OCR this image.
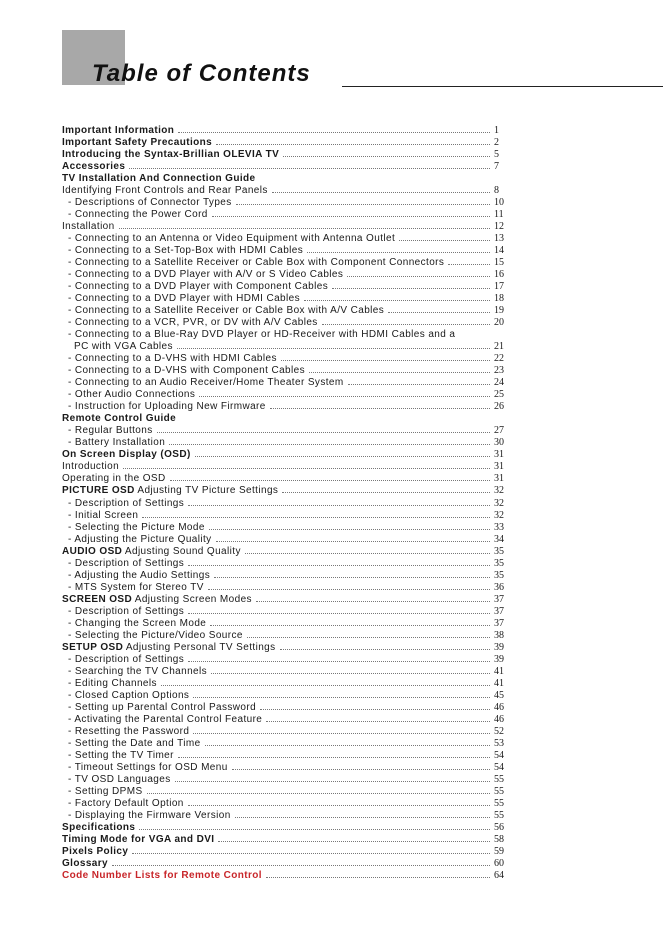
Table of Contents
Important Information	1
Important Safety Precautions	2
Introducing the Syntax-Brillian OLEVIA TV	5
Accessories	7
TV Installation And Connection Guide
Identifying Front Controls and Rear Panels	8
- Descriptions of Connector Types	10
- Connecting the Power Cord	11
Installation	12
- Connecting to an Antenna or Video Equipment with Antenna Outlet	13
- Connecting to a Set-Top-Box with HDMI Cables	14
- Connecting to a Satellite Receiver or Cable Box with Component Connectors	15
- Connecting to a DVD Player with A/V or S Video Cables	16
- Connecting to a DVD Player with Component Cables	17
- Connecting to a DVD Player with HDMI Cables	18
- Connecting to a Satellite Receiver or Cable Box with A/V Cables	19
- Connecting to a VCR, PVR, or DV with A/V Cables	20
- Connecting to a Blue-Ray DVD Player or HD-Receiver with HDMI Cables and a
PC with VGA Cables	21
- Connecting to a D-VHS with HDMI Cables	22
- Connecting to a D-VHS with Component Cables	23
- Connecting to an Audio Receiver/Home Theater System	24
- Other Audio Connections	25
- Instruction for Uploading New Firmware	26
Remote Control Guide
- Regular Buttons	27
- Battery Installation	30
On Screen Display (OSD)	31
Introduction	31
Operating in the OSD	31
PICTURE OSD Adjusting TV Picture Settings	32
- Description of Settings	32
- Initial Screen	32
- Selecting the Picture Mode	33
- Adjusting the Picture Quality	34
AUDIO OSD Adjusting Sound Quality	35
- Description of Settings	35
- Adjusting the Audio Settings	35
- MTS System for Stereo TV	36
SCREEN OSD Adjusting Screen Modes	37
- Description of Settings	37
- Changing the Screen Mode	37
- Selecting the Picture/Video Source	38
SETUP OSD Adjusting Personal TV Settings	39
- Description of Settings	39
- Searching the TV Channels	41
- Editing Channels	41
- Closed Caption Options	45
- Setting up Parental Control Password	46
- Activating the Parental Control Feature	46
- Resetting the Password	52
- Setting the Date and Time	53
- Setting the TV Timer	54
- Timeout Settings for OSD Menu	54
- TV OSD Languages	55
- Setting DPMS	55
- Factory Default Option	55
- Displaying the Firmware Version	55
Specifications	56
Timing Mode for VGA and DVI	58
Pixels Policy	59
Glossary	60
Code Number Lists for Remote Control	64
